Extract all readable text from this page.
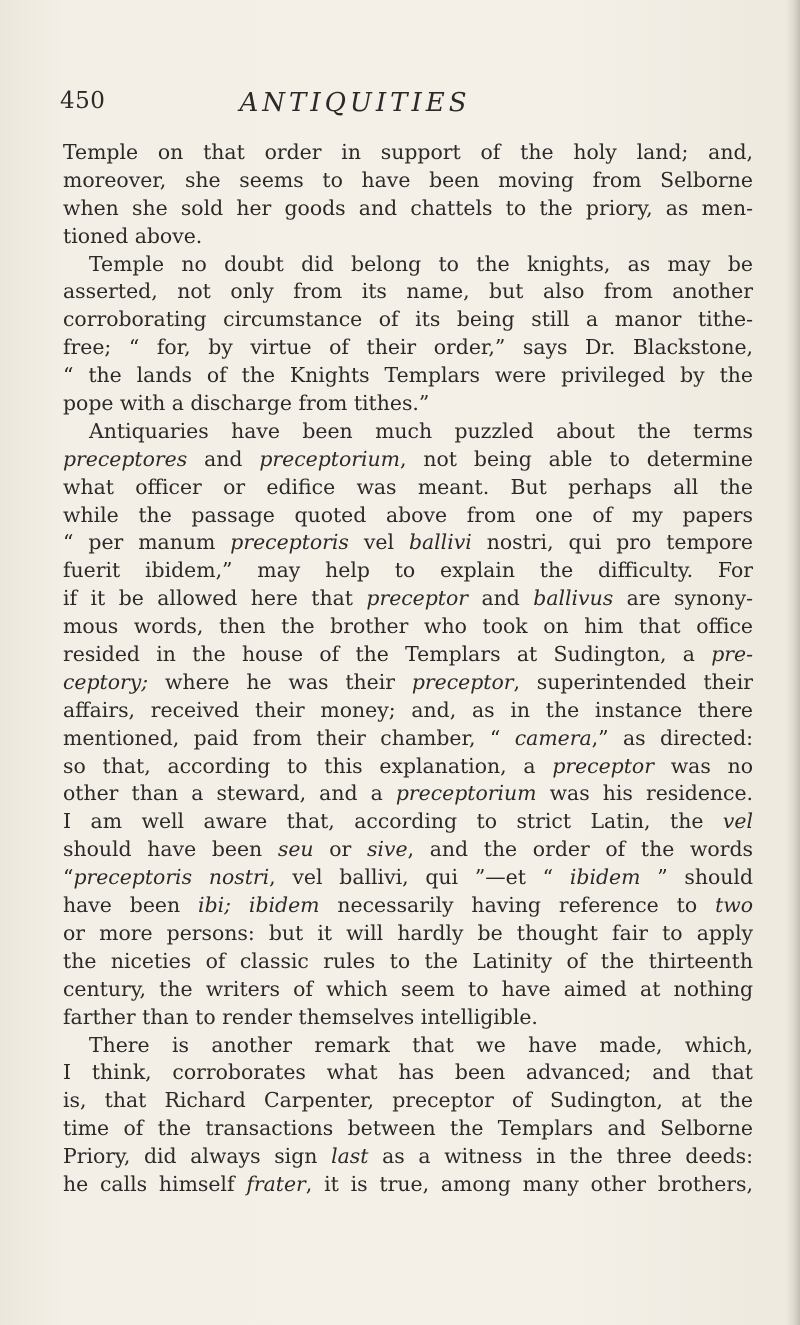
450	ANTIQUITIES
Temple on that order in support of the holy land; and,
moreover, she seems to have been moving from Selborne
when she sold her goods and chattels to the priory, as men-
tioned above.
Temple no doubt did belong to the knights, as may be
asserted, not only from its name, but also from another
corroborating circumstance of its being still a manor tithe-
free; “ for, by virtue of their order,” says Dr. Blackstone,
“ the lands of the Knights Templars were privileged by the
pope with a discharge from tithes.”
Antiquaries have been much puzzled about the terms
preceptores and preceptorium, not being able to determine
what officer or edifice was meant. But perhaps all the
while the passage quoted above from one of my papers
“ per manum preceptoris vel ballivi nostri, qui pro tempore
fuerit ibidem,” may help to explain the difficulty. For
if it be allowed here that preceptor and ballivus are synony-
mous words, then the brother who took on him that office
resided in the house of the Templars at Sudington, a pre-
ceptory; where he was their preceptor, superintended their
affairs, received their money; and, as in the instance there
mentioned, paid from their chamber, “ camera,” as directed:
so that, according to this explanation, a preceptor was no
other than a steward, and a preceptorium was his residence.
I am well aware that, according to strict Latin, the vel
should have been seu or sive, and the order of the words
“preceptoris nostri, vel ballivi, qui ”—et “ ibidem ” should
have been ibi; ibidem necessarily having reference to two
or more persons: but it will hardly be thought fair to apply
the niceties of classic rules to the Latinity of the thirteenth
century, the writers of which seem to have aimed at nothing
farther than to render themselves intelligible.
There is another remark that we have made, which,
I think, corroborates what has been advanced; and that
is, that Richard Carpenter, preceptor of Sudington, at the
time of the transactions between the Templars and Selborne
Priory, did always sign last as a witness in the three deeds:
he calls himself frater, it is true, among many other brothers,
